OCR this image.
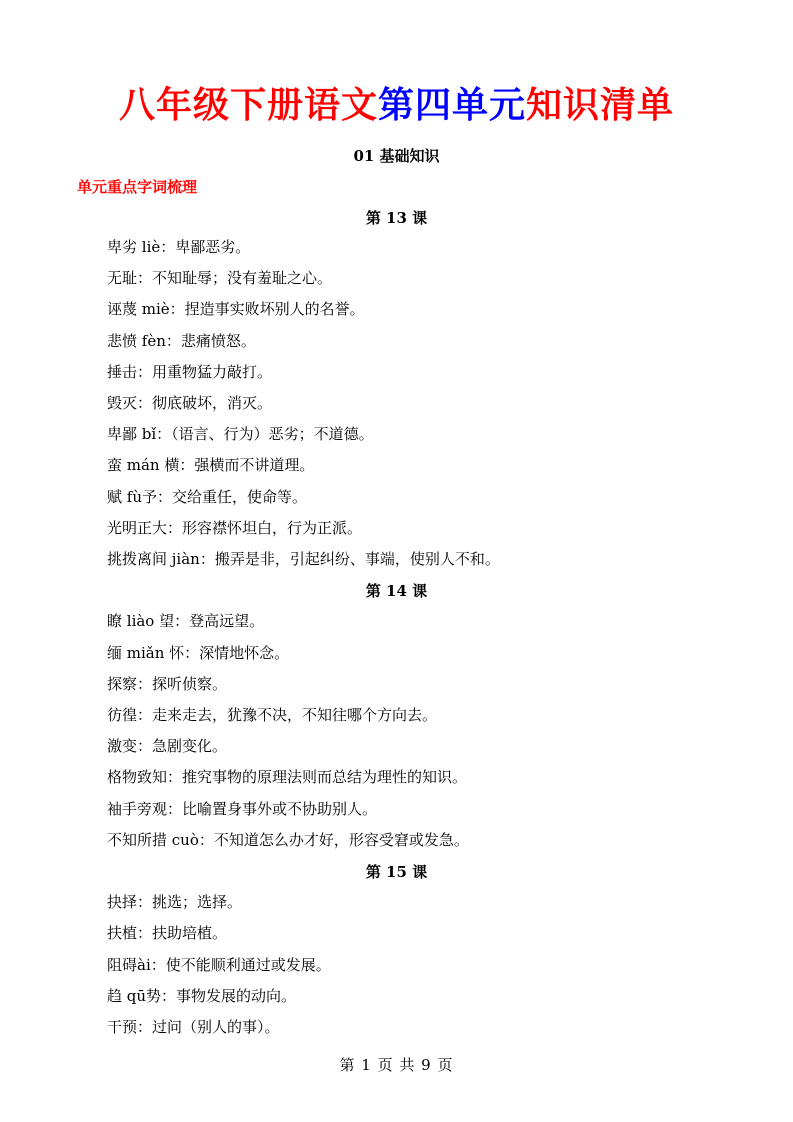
八年级下册语文第四单元知识清单
01 基础知识
单元重点字词梳理
第 13 课
卑劣 liè：卑鄙恶劣。
无耻：不知耻辱；没有羞耻之心。
诬蔑 miè：捏造事实败坏别人的名誉。
悲愤 fèn：悲痛愤怒。
捶击：用重物猛力敲打。
毁灭：彻底破坏，消灭。
卑鄙 bǐ：（语言、行为）恶劣；不道德。
蛮 mán 横：强横而不讲道理。
赋 fù予：交给重任，使命等。
光明正大：形容襟怀坦白，行为正派。
挑拨离间 jiàn：搬弄是非，引起纠纷、事端，使别人不和。
第 14 课
瞭 liào 望：登高远望。
缅 miǎn 怀：深情地怀念。
探察：探听侦察。
彷徨：走来走去，犹豫不决，不知往哪个方向去。
激变：急剧变化。
格物致知：推究事物的原理法则而总结为理性的知识。
袖手旁观：比喻置身事外或不协助别人。
不知所措 cuò：不知道怎么办才好，形容受窘或发急。
第 15 课
抉择：挑选；选择。
扶植：扶助培植。
阻碍ài：使不能顺利通过或发展。
趋 qū势：事物发展的动向。
干预：过问（别人的事）。
第 1 页 共 9 页
